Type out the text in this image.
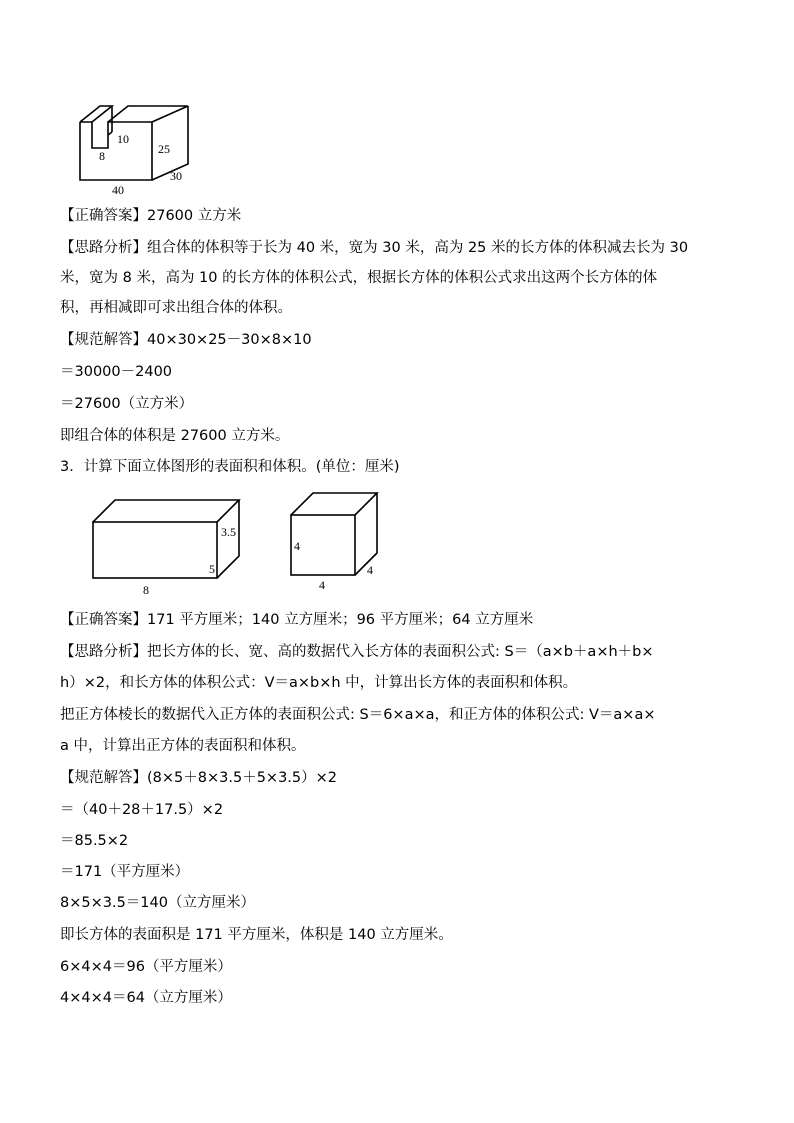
10
8	25
30
40
【正确答案】27600 立方米
【思路分析】组合体的体积等于长为 40 米，宽为 30 米，高为 25 米的长方体的体积减去长为 30
米，宽为 8 米，高为 10 的长方体的体积公式，根据长方体的体积公式求出这两个长方体的体
积，再相减即可求出组合体的体积。
【规范解答】40×30×25－30×8×10
＝30000－2400
＝27600（立方米）
即组合体的体积是 27600 立方米。
3．计算下面立体图形的表面积和体积。(单位：厘米)
3.5
5
8
4
4
4
【正确答案】171 平方厘米；140 立方厘米；96 平方厘米；64 立方厘米
【思路分析】把长方体的长、宽、高的数据代入长方体的表面积公式: S＝（a×b＋a×h＋b×
h）×2，和长方体的体积公式：V＝a×b×h 中，计算出长方体的表面积和体积。
把正方体棱长的数据代入正方体的表面积公式: S＝6×a×a，和正方体的体积公式: V＝a×a×
a 中，计算出正方体的表面积和体积。
【规范解答】(8×5＋8×3.5＋5×3.5）×2
＝（40＋28＋17.5）×2
＝85.5×2
＝171（平方厘米）
8×5×3.5＝140（立方厘米）
即长方体的表面积是 171 平方厘米，体积是 140 立方厘米。
6×4×4＝96（平方厘米）
4×4×4＝64（立方厘米）
